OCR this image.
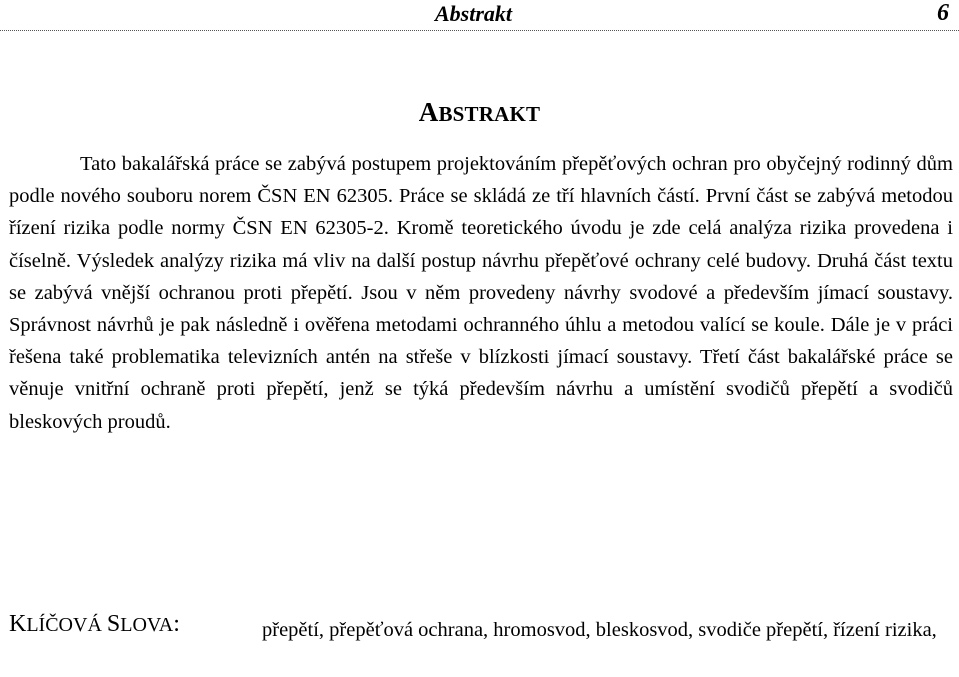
Abstrakt	6
ABSTRAKT

Tato bakalářská práce se zabývá postupem projektováním přepěťových ochran pro obyčejný rodinný dům podle nového souboru norem ČSN EN 62305. Práce se skládá ze tří hlavních částí. První část se zabývá metodou řízení rizika podle normy ČSN EN 62305-2. Kromě teoretického úvodu je zde celá analýza rizika provedena i číselně. Výsledek analýzy rizika má vliv na další postup návrhu přepěťové ochrany celé budovy. Druhá část textu se zabývá vnější ochranou proti přepětí. Jsou v něm provedeny návrhy svodové a především jímací soustavy. Správnost návrhů je pak následně i ověřena metodami ochranného úhlu a metodou valící se koule. Dále je v práci řešena také problematika televizních antén na střeše v blízkosti jímací soustavy. Třetí část bakalářské práce se věnuje vnitřní ochraně proti přepětí, jenž se týká především návrhu a umístění svodičů přepětí a svodičů bleskových proudů.

KLÍČOVÁ SLOVA:	přepětí, přepěťová ochrana, hromosvod, bleskosvod, svodiče přepětí, řízení rizika,
